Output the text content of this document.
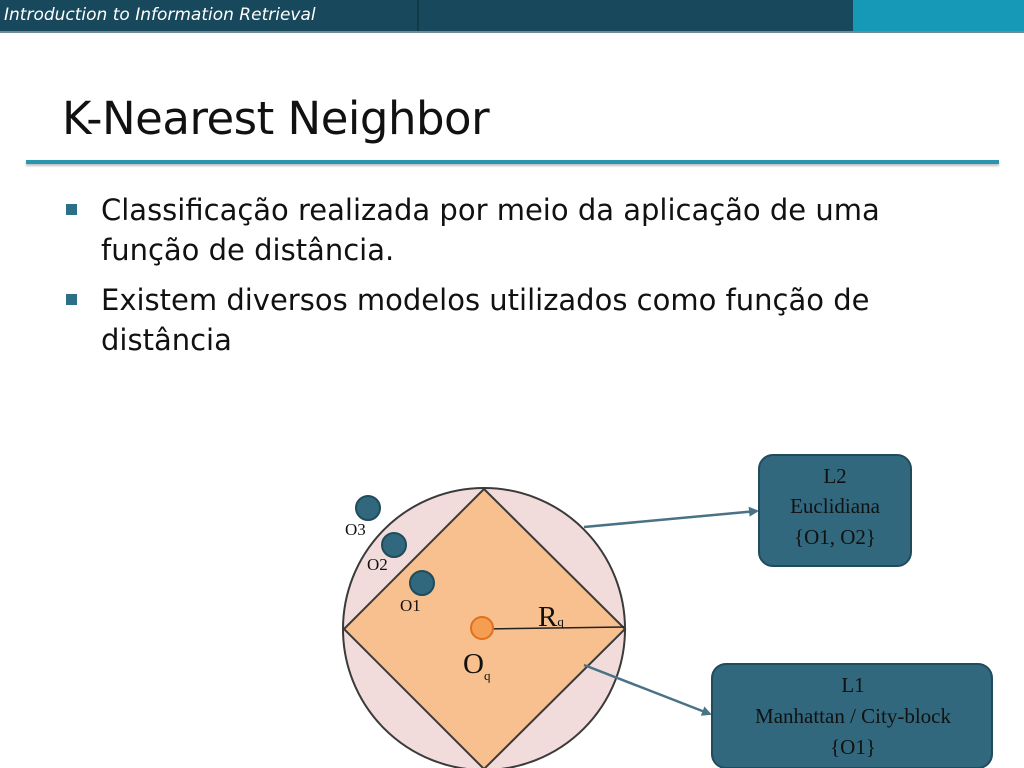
Introduction to Information Retrieval
K-Nearest Neighbor
Classificação realizada por meio da aplicação de uma função de distância.
Existem diversos modelos utilizados como função de distância
O3
O2
O1
$O_q$
Rq
L2
Euclidiana
{O1, O2}
L1
Manhattan / City-block
{O1}
